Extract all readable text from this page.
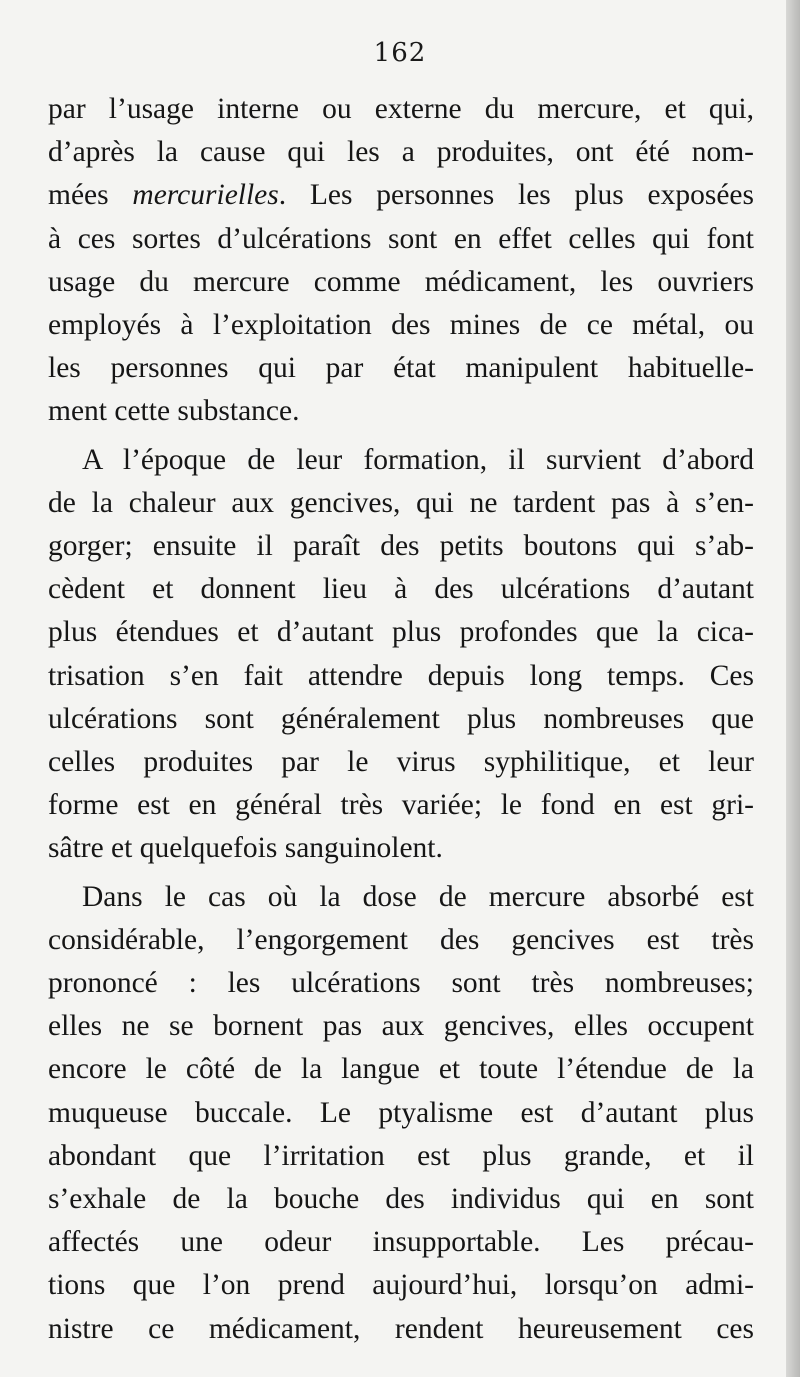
162
par l’usage interne ou externe du mercure, et qui,
d’après la cause qui les a produites, ont été nom-
mées mercurielles. Les personnes les plus exposées
à ces sortes d’ulcérations sont en effet celles qui font
usage du mercure comme médicament, les ouvriers
employés à l’exploitation des mines de ce métal, ou
les personnes qui par état manipulent habituelle-
ment cette substance.
A l’époque de leur formation, il survient d’abord
de la chaleur aux gencives, qui ne tardent pas à s’en-
gorger; ensuite il paraît des petits boutons qui s’ab-
cèdent et donnent lieu à des ulcérations d’autant
plus étendues et d’autant plus profondes que la cica-
trisation s’en fait attendre depuis long temps. Ces
ulcérations sont généralement plus nombreuses que
celles produites par le virus syphilitique, et leur
forme est en général très variée; le fond en est gri-
sâtre et quelquefois sanguinolent.
Dans le cas où la dose de mercure absorbé est
considérable, l’engorgement des gencives est très
prononcé : les ulcérations sont très nombreuses;
elles ne se bornent pas aux gencives, elles occupent
encore le côté de la langue et toute l’étendue de la
muqueuse buccale. Le ptyalisme est d’autant plus
abondant que l’irritation est plus grande, et il
s’exhale de la bouche des individus qui en sont
affectés une odeur insupportable. Les précau-
tions que l’on prend aujourd’hui, lorsqu’on admi-
nistre ce médicament, rendent heureusement ces
